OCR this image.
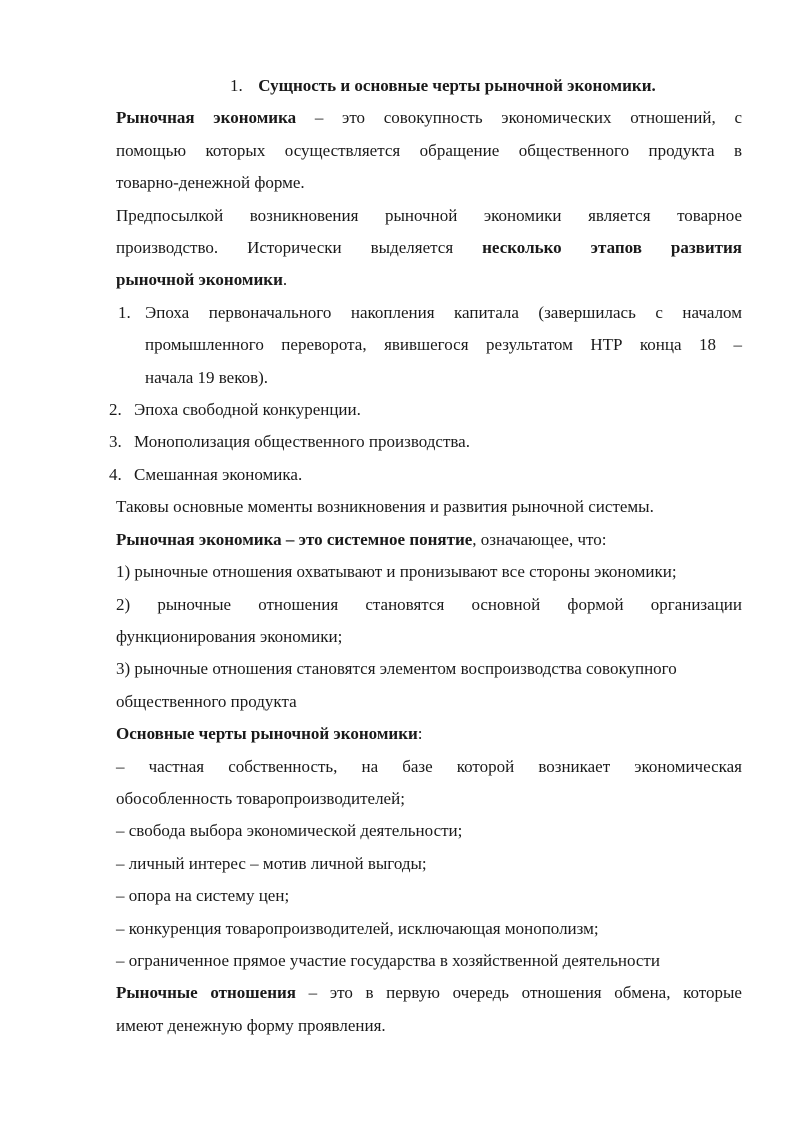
1. Сущность и основные черты рыночной экономики.
Рыночная экономика – это совокупность экономических отношений, с
помощью которых осуществляется обращение общественного продукта в
товарно-денежной форме.
Предпосылкой возникновения рыночной экономики является товарное
производство. Исторически выделяется несколько этапов развития
рыночной экономики.
1. Эпоха первоначального накопления капитала (завершилась с началом
промышленного переворота, явившегося результатом НТР конца 18 –
начала 19 веков).
2. Эпоха свободной конкуренции.
3. Монополизация общественного производства.
4. Смешанная экономика.
Таковы основные моменты возникновения и развития рыночной системы.
Рыночная экономика – это системное понятие, означающее, что:
1) рыночные отношения охватывают и пронизывают все стороны экономики;
2) рыночные отношения становятся основной формой организации
функционирования экономики;
3) рыночные отношения становятся элементом воспроизводства совокупного
общественного продукта
Основные черты рыночной экономики:
– частная собственность, на базе которой возникает экономическая
обособленность товаропроизводителей;
– свобода выбора экономической деятельности;
– личный интерес – мотив личной выгоды;
– опора на систему цен;
– конкуренция товаропроизводителей, исключающая монополизм;
– ограниченное прямое участие государства в хозяйственной деятельности
Рыночные отношения – это в первую очередь отношения обмена, которые
имеют денежную форму проявления.
